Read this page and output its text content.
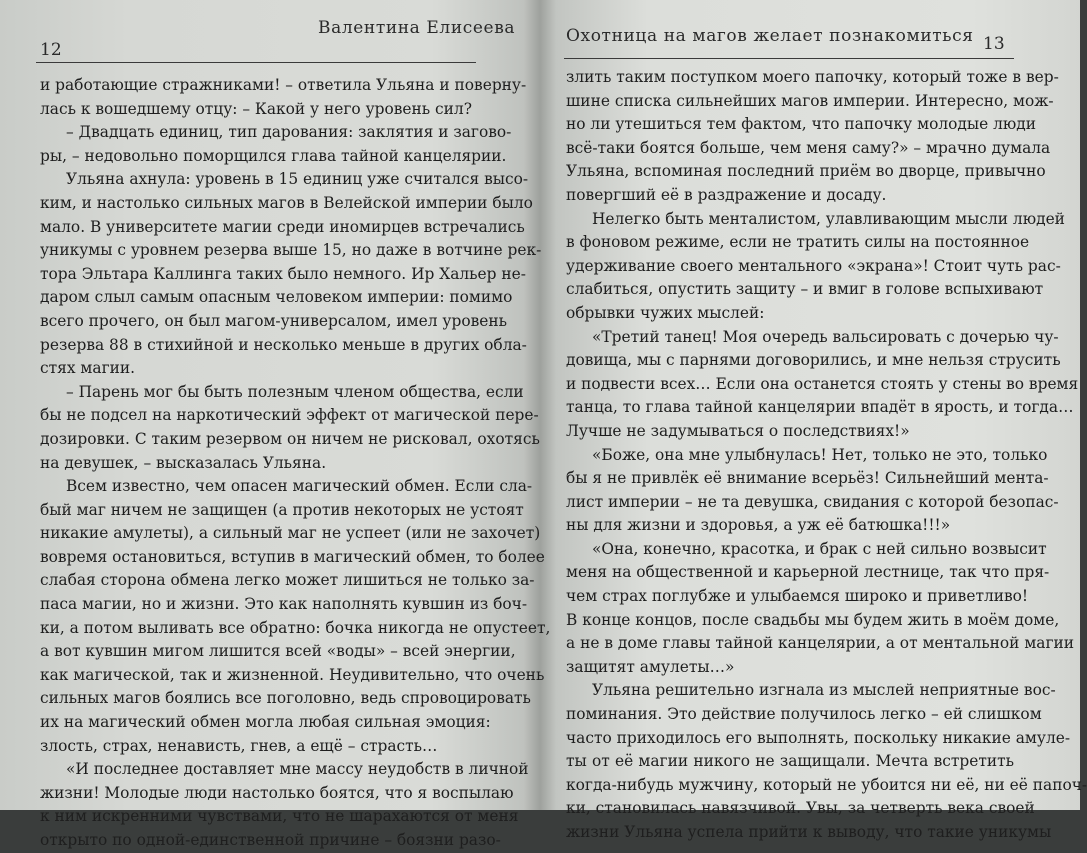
Валентина Елисеева
12
и работающие стражниками! – ответила Ульяна и поверну-
лась к вошедшему отцу: – Какой у него уровень сил?
– Двадцать единиц, тип дарования: заклятия и загово-
ры, – недовольно поморщился глава тайной канцелярии.
Ульяна ахнула: уровень в 15 единиц уже считался высо-
ким, и настолько сильных магов в Велейской империи было
мало. В университете магии среди иномирцев встречались
уникумы с уровнем резерва выше 15, но даже в вотчине рек-
тора Эльтара Каллинга таких было немного. Ир Хальер не-
даром слыл самым опасным человеком империи: помимо
всего прочего, он был магом-универсалом, имел уровень
резерва 88 в стихийной и несколько меньше в других обла-
стях магии.
– Парень мог бы быть полезным членом общества, если
бы не подсел на наркотический эффект от магической пере-
дозировки. С таким резервом он ничем не рисковал, охотясь
на девушек, – высказалась Ульяна.
Всем известно, чем опасен магический обмен. Если сла-
бый маг ничем не защищен (а против некоторых не устоят
никакие амулеты), а сильный маг не успеет (или не захочет)
вовремя остановиться, вступив в магический обмен, то более
слабая сторона обмена легко может лишиться не только за-
паса магии, но и жизни. Это как наполнять кувшин из боч-
ки, а потом выливать все обратно: бочка никогда не опустеет,
а вот кувшин мигом лишится всей «воды» – всей энергии,
как магической, так и жизненной. Неудивительно, что очень
сильных магов боялись все поголовно, ведь спровоцировать
их на магический обмен могла любая сильная эмоция:
злость, страх, ненависть, гнев, а ещё – страсть…
«И последнее доставляет мне массу неудобств в личной
жизни! Молодые люди настолько боятся, что я воспылаю
к ним искренними чувствами, что не шарахаются от меня
открыто по одной-единственной причине – боязни разо-
Охотница на магов желает познакомиться 13
злить таким поступком моего папочку, который тоже в вер-
шине списка сильнейших магов империи. Интересно, мож-
но ли утешиться тем фактом, что папочку молодые люди
всё-таки боятся больше, чем меня саму?» – мрачно думала
Ульяна, вспоминая последний приём во дворце, привычно
повергший её в раздражение и досаду.
Нелегко быть менталистом, улавливающим мысли людей
в фоновом режиме, если не тратить силы на постоянное
удерживание своего ментального «экрана»! Стоит чуть рас-
слабиться, опустить защиту – и вмиг в голове вспыхивают
обрывки чужих мыслей:
«Третий танец! Моя очередь вальсировать с дочерью чу-
довища, мы с парнями договорились, и мне нельзя струсить
и подвести всех… Если она останется стоять у стены во время
танца, то глава тайной канцелярии впадёт в ярость, и тогда…
Лучше не задумываться о последствиях!»
«Боже, она мне улыбнулась! Нет, только не это, только
бы я не привлёк её внимание всерьёз! Сильнейший мента-
лист империи – не та девушка, свидания с которой безопас-
ны для жизни и здоровья, а уж её батюшка!!!»
«Она, конечно, красотка, и брак с ней сильно возвысит
меня на общественной и карьерной лестнице, так что пря-
чем страх поглубже и улыбаемся широко и приветливо!
В конце концов, после свадьбы мы будем жить в моём доме,
а не в доме главы тайной канцелярии, а от ментальной магии
защитят амулеты…»
Ульяна решительно изгнала из мыслей неприятные вос-
поминания. Это действие получилось легко – ей слишком
часто приходилось его выполнять, поскольку никакие амуле-
ты от её магии никого не защищали. Мечта встретить
когда-нибудь мужчину, который не убоится ни её, ни её папоч-
ки, становилась навязчивой. Увы, за четверть века своей
жизни Ульяна успела прийти к выводу, что такие уникумы
